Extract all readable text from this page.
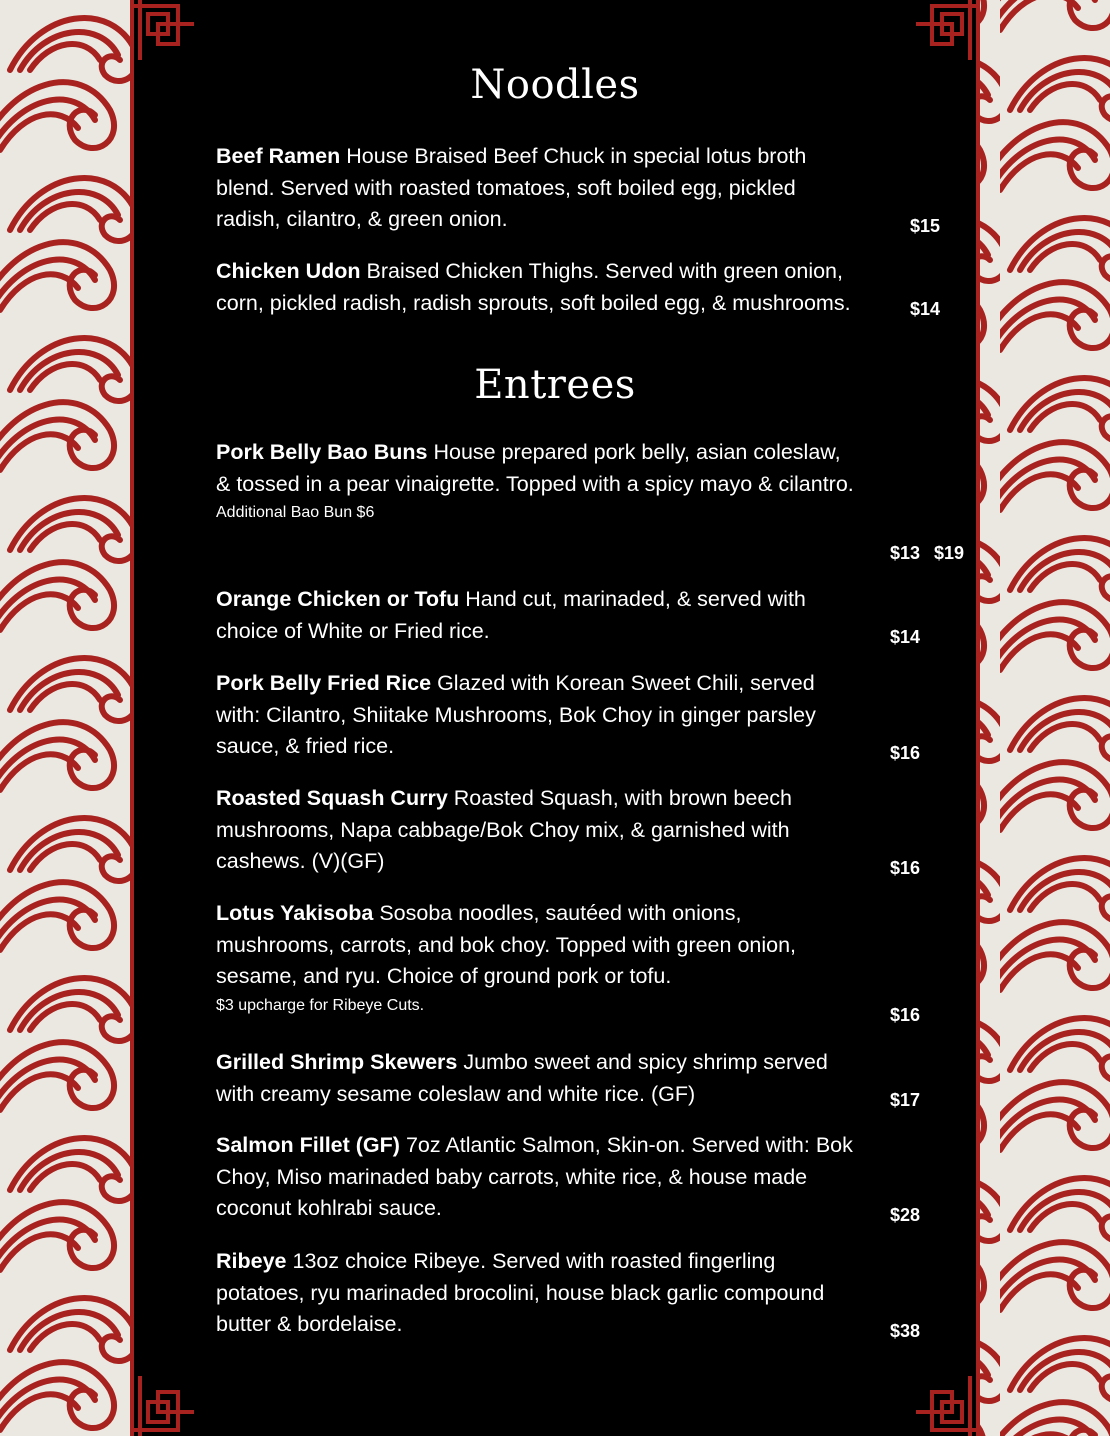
Noodles
Beef Ramen House Braised Beef Chuck in special lotus broth blend. Served with roasted tomatoes, soft boiled egg, pickled radish, cilantro, & green onion.	$15
Chicken Udon Braised Chicken Thighs. Served with green onion, corn, pickled radish, radish sprouts, soft boiled egg, & mushrooms.	$14
Entrees
Pork Belly Bao Buns House prepared pork belly, asian coleslaw, & tossed in a pear vinaigrette. Topped with a spicy mayo & cilantro.
Additional Bao Bun $6
$13 $19
Orange Chicken or Tofu Hand cut, marinaded, & served with choice of White or Fried rice.	$14
Pork Belly Fried Rice Glazed with Korean Sweet Chili, served with: Cilantro, Shiitake Mushrooms, Bok Choy in ginger parsley sauce, & fried rice.	$16
Roasted Squash Curry Roasted Squash, with brown beech mushrooms, Napa cabbage/Bok Choy mix, & garnished with cashews. (V)(GF)	$16
Lotus Yakisoba Sosoba noodles, sautéed with onions, mushrooms, carrots, and bok choy. Topped with green onion, sesame, and ryu. Choice of ground pork or tofu.
$3 upcharge for Ribeye Cuts.	$16
Grilled Shrimp Skewers Jumbo sweet and spicy shrimp served with creamy sesame coleslaw and white rice. (GF)	$17
Salmon Fillet (GF) 7oz Atlantic Salmon, Skin-on. Served with: Bok Choy, Miso marinaded baby carrots, white rice, & house made coconut kohlrabi sauce.	$28
Ribeye 13oz choice Ribeye. Served with roasted fingerling potatoes, ryu marinaded brocolini, house black garlic compound butter & bordelaise.	$38
